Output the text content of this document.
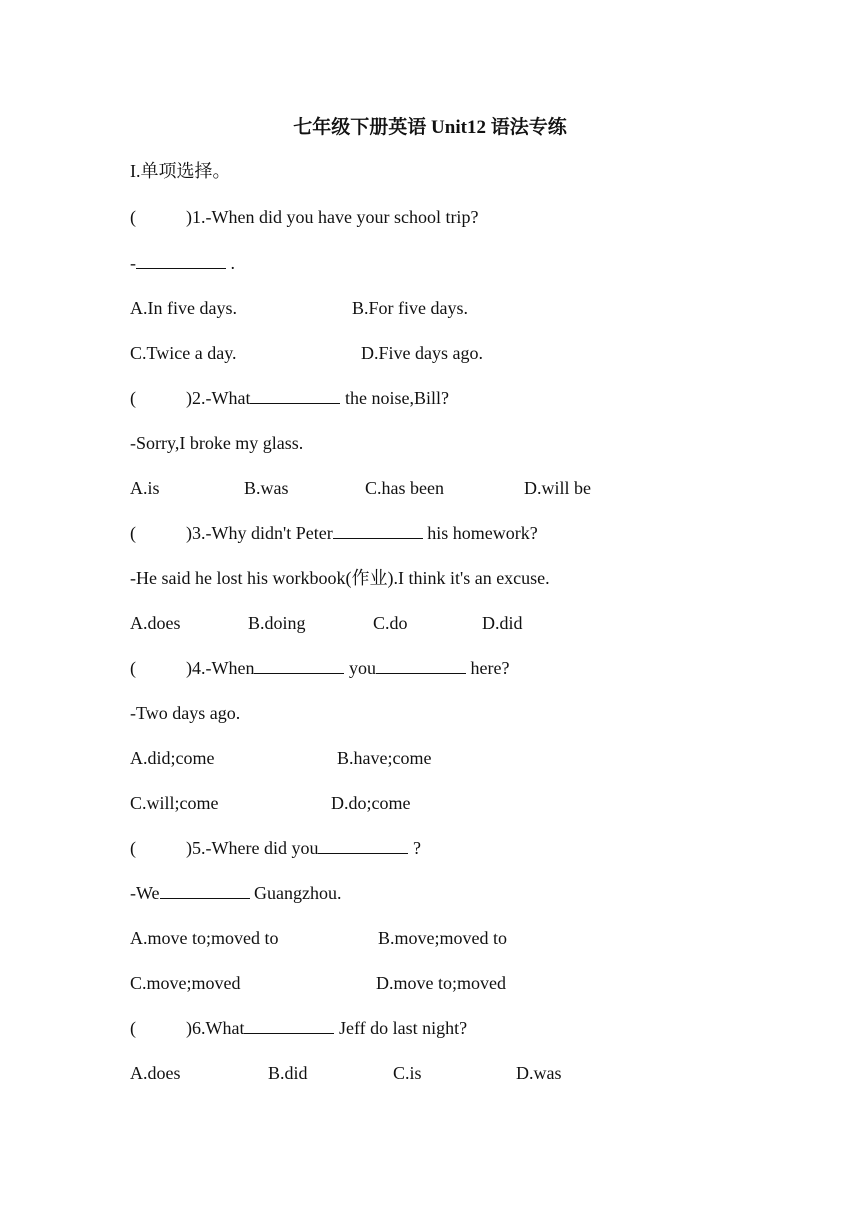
七年级下册英语 Unit12 语法专练
I.单项选择。
(	)1.-When did you have your school trip?
-	.
A.In five days.	B.For five days.
C.Twice a day.	D.Five days ago.
(	)2.-What	the noise,Bill?
-Sorry,I broke my glass.
A.is	B.was	C.has been	D.will be
(	)3.-Why didn't Peter	his homework?
-He said he lost his workbook(作业).I think it's an excuse.
A.does	B.doing	C.do	D.did
(	)4.-When	you	here?
-Two days ago.
A.did;come	B.have;come
C.will;come	D.do;come
(	)5.-Where did you	?
-We	Guangzhou.
A.move to;moved to	B.move;moved to
C.move;moved	D.move to;moved
(	)6.What	Jeff do last night?
A.does	B.did	C.is	D.was
